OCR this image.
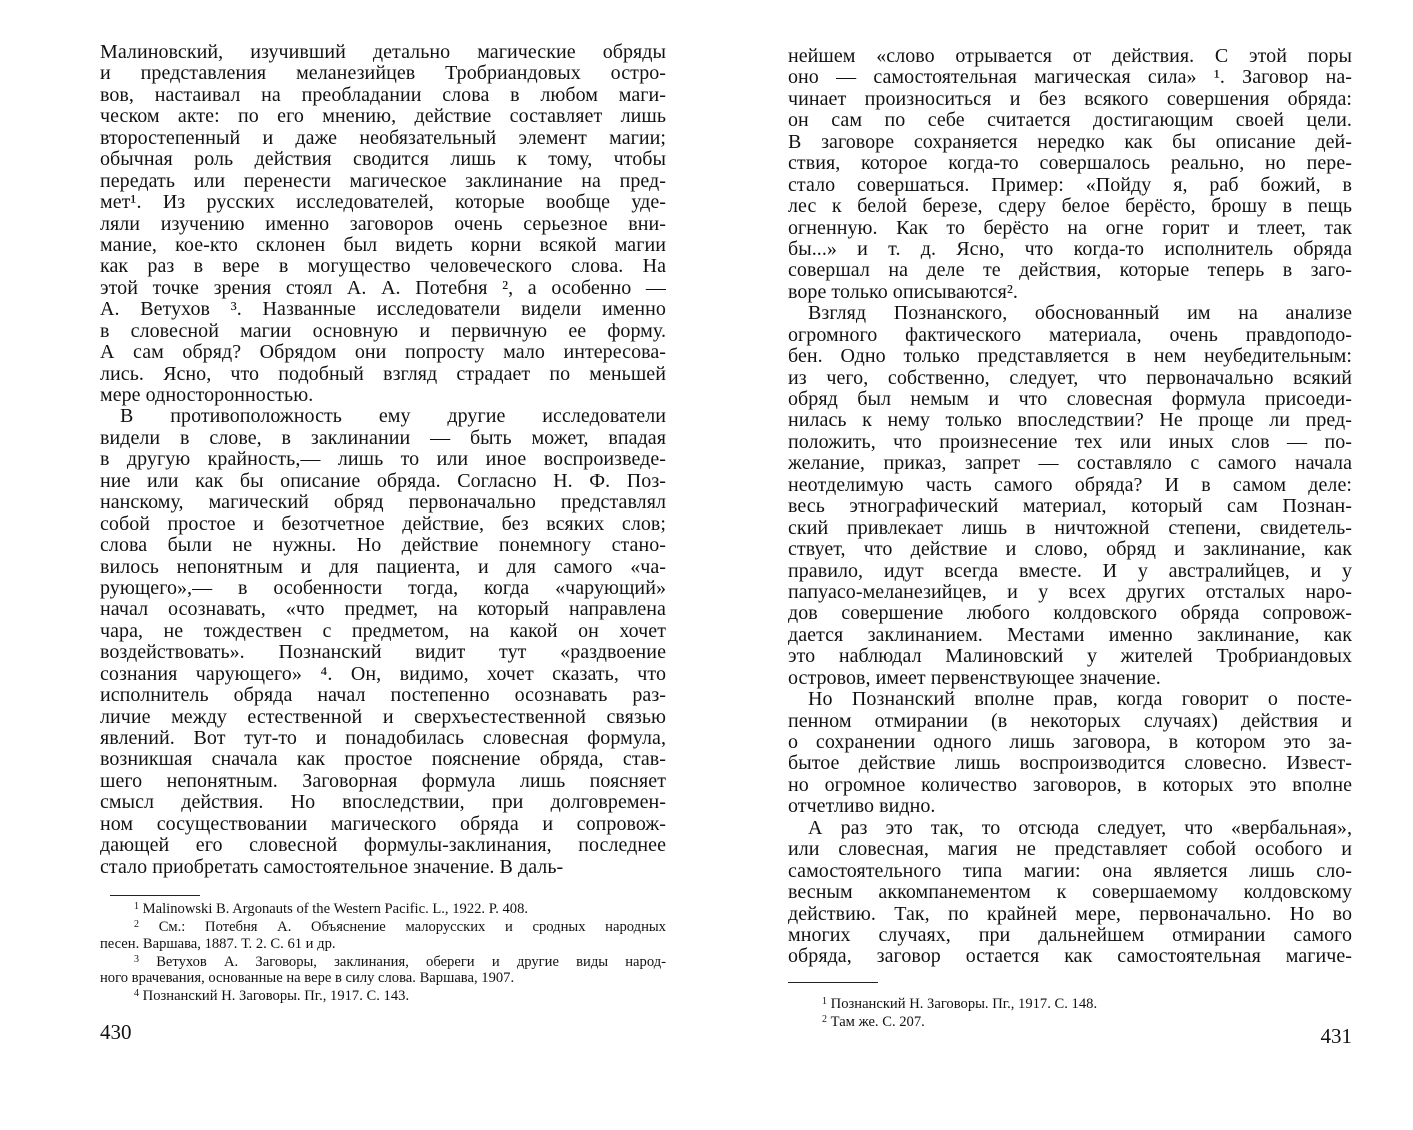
Малиновский, изучивший детально магические обряды
и представления меланезийцев Тробриандовых остро-
вов, настаивал на преобладании слова в любом маги-
ческом акте: по его мнению, действие составляет лишь
второстепенный и даже необязательный элемент магии;
обычная роль действия сводится лишь к тому, чтобы
передать или перенести магическое заклинание на пред-
мет¹. Из русских исследователей, которые вообще уде-
ляли изучению именно заговоров очень серьезное вни-
мание, кое-кто склонен был видеть корни всякой магии
как раз в вере в могущество человеческого слова. На
этой точке зрения стоял А. А. Потебня ², а особенно —
А. Ветухов ³. Названные исследователи видели именно
в словесной магии основную и первичную ее форму.
А сам обряд? Обрядом они попросту мало интересова-
лись. Ясно, что подобный взгляд страдает по меньшей
мере односторонностью.
В противоположность ему другие исследователи
видели в слове, в заклинании — быть может, впадая
в другую крайность,— лишь то или иное воспроизведе-
ние или как бы описание обряда. Согласно Н. Ф. Поз-
нанскому, магический обряд первоначально представлял
собой простое и безотчетное действие, без всяких слов;
слова были не нужны. Но действие понемногу стано-
вилось непонятным и для пациента, и для самого «ча-
рующего»,— в особенности тогда, когда «чарующий»
начал осознавать, «что предмет, на который направлена
чара, не тождествен с предметом, на какой он хочет
воздействовать». Познанский видит тут «раздвоение
сознания чарующего» ⁴. Он, видимо, хочет сказать, что
исполнитель обряда начал постепенно осознавать раз-
личие между естественной и сверхъестественной связью
явлений. Вот тут-то и понадобилась словесная формула,
возникшая сначала как простое пояснение обряда, став-
шего непонятным. Заговорная формула лишь поясняет
смысл действия. Но впоследствии, при долговремен-
ном сосуществовании магического обряда и сопровож-
дающей его словесной формулы-заклинания, последнее
стало приобретать самостоятельное значение. В даль-
$^1$ Malinowski B. Argonauts of the Western Pacific. L., 1922. P. 408.
$^2$ См.: Потебня А. Объяснение малорусских и сродных народных
песен. Варшава, 1887. Т. 2. С. 61 и др.
$^3$ Ветухов А. Заговоры, заклинания, обереги и другие виды народ-
ного врачевания, основанные на вере в силу слова. Варшава, 1907.
$^4$ Познанский Н. Заговоры. Пг., 1917. С. 143.
430
нейшем «слово отрывается от действия. С этой поры
оно — самостоятельная магическая сила» ¹. Заговор на-
чинает произноситься и без всякого совершения обряда:
он сам по себе считается достигающим своей цели.
В заговоре сохраняется нередко как бы описание дей-
ствия, которое когда-то совершалось реально, но пере-
стало совершаться. Пример: «Пойду я, раб божий, в
лес к белой березе, сдеру белое берёсто, брошу в пещь
огненную. Как то берёсто на огне горит и тлеет, так
бы...» и т. д. Ясно, что когда-то исполнитель обряда
совершал на деле те действия, которые теперь в заго-
воре только описываются².
Взгляд Познанского, обоснованный им на анализе
огромного фактического материала, очень правдоподо-
бен. Одно только представляется в нем неубедительным:
из чего, собственно, следует, что первоначально всякий
обряд был немым и что словесная формула присоеди-
нилась к нему только впоследствии? Не проще ли пред-
положить, что произнесение тех или иных слов — по-
желание, приказ, запрет — составляло с самого начала
неотделимую часть самого обряда? И в самом деле:
весь этнографический материал, который сам Познан-
ский привлекает лишь в ничтожной степени, свидетель-
ствует, что действие и слово, обряд и заклинание, как
правило, идут всегда вместе. И у австралийцев, и у
папуасо-меланезийцев, и у всех других отсталых наро-
дов совершение любого колдовского обряда сопровож-
дается заклинанием. Местами именно заклинание, как
это наблюдал Малиновский у жителей Тробриандовых
островов, имеет первенствующее значение.
Но Познанский вполне прав, когда говорит о посте-
пенном отмирании (в некоторых случаях) действия и
о сохранении одного лишь заговора, в котором это за-
бытое действие лишь воспроизводится словесно. Извест-
но огромное количество заговоров, в которых это вполне
отчетливо видно.
А раз это так, то отсюда следует, что «вербальная»,
или словесная, магия не представляет собой особого и
самостоятельного типа магии: она является лишь сло-
весным аккомпанементом к совершаемому колдовскому
действию. Так, по крайней мере, первоначально. Но во
многих случаях, при дальнейшем отмирании самого
обряда, заговор остается как самостоятельная магиче-
$^1$ Познанский Н. Заговоры. Пг., 1917. С. 148.
$^2$ Там же. С. 207.
431
